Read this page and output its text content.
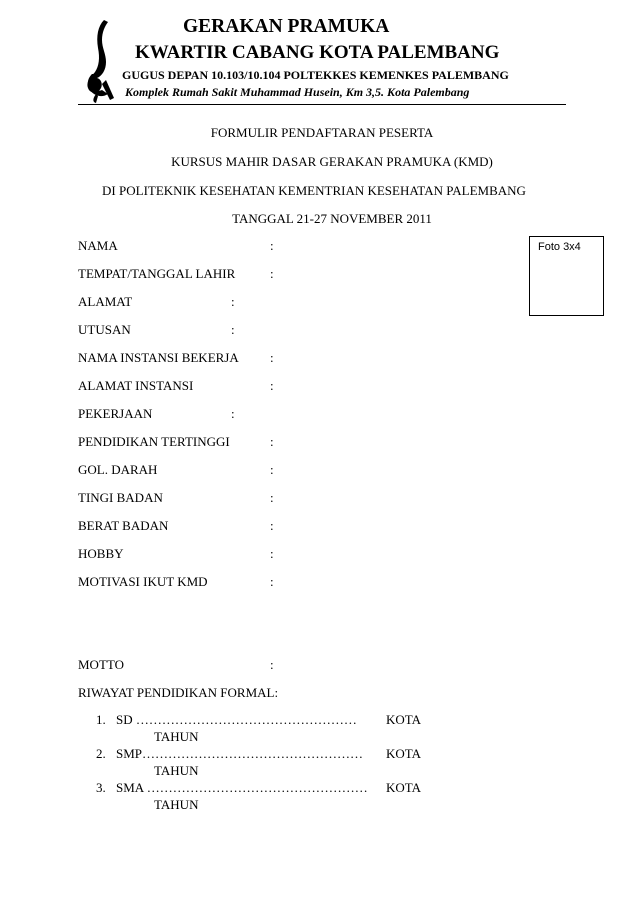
GERAKAN PRAMUKA
KWARTIR CABANG KOTA PALEMBANG
GUGUS DEPAN 10.103/10.104 POLTEKKES KEMENKES PALEMBANG
Komplek Rumah Sakit Muhammad Husein, Km 3,5. Kota Palembang
FORMULIR PENDAFTARAN PESERTA
KURSUS MAHIR DASAR GERAKAN PRAMUKA (KMD)
DI POLITEKNIK KESEHATAN KEMENTRIAN KESEHATAN PALEMBANG
TANGGAL 21-27 NOVEMBER 2011
Foto 3x4
NAMA	:
TEMPAT/TANGGAL LAHIR	:
ALAMAT	:
UTUSAN	:
NAMA INSTANSI BEKERJA :
ALAMAT INSTANSI	:
PEKERJAAN	:
PENDIDIKAN TERTINGGI	:
GOL. DARAH	:
TINGI BADAN	:
BERAT BADAN	:
HOBBY	:
MOTIVASI IKUT KMD	:
MOTTO	:
RIWAYAT PENDIDIKAN FORMAL:
1. SD …………………………………………… KOTA
TAHUN
2. SMP…………………………………………… KOTA
TAHUN
3. SMA …………………………………………… KOTA
TAHUN
